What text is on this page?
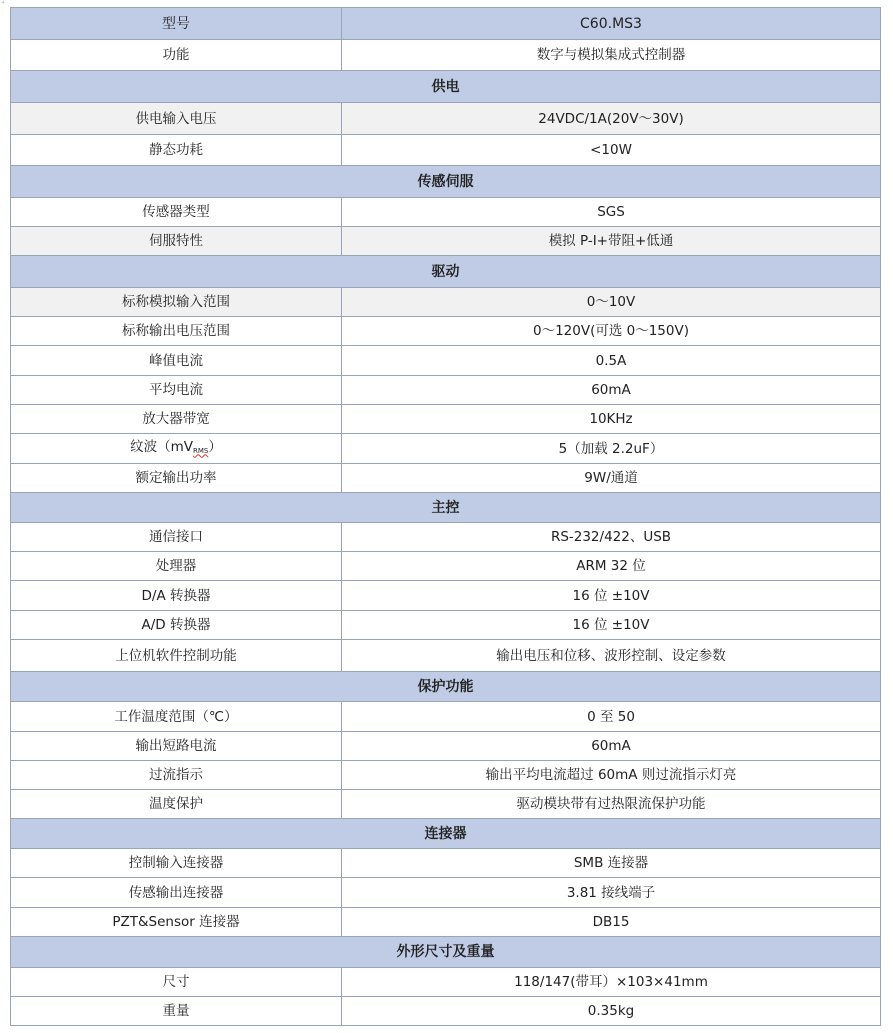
⁺
型号	C60.MS3
功能	数字与模拟集成式控制器
供电	
供电输入电压	24VDC/1A(20V～30V)
静态功耗	<10W
传感伺服	
传感器类型	SGS
伺服特性	模拟 P-I+带阻+低通
驱动	
标称模拟输入范围	0～10V
标称输出电压范围	0～120V(可选 0～150V)
峰值电流	0.5A
平均电流	60mA
放大器带宽	10KHz
纹波$(mV_{RMS})$	5（加载 2.2uF）
额定输出功率	9W/通道
主控	
通信接口	RS-232/422、USB
处理器	ARM 32 位
D/A 转换器	16 位 ±10V
A/D 转换器	16 位 ±10V
上位机软件控制功能	输出电压和位移、波形控制、设定参数
保护功能	
工作温度范围（℃）	0 至 50
输出短路电流	60mA
过流指示	输出平均电流超过 60mA 则过流指示灯亮
温度保护	驱动模块带有过热限流保护功能
连接器	
控制输入连接器	SMB 连接器
传感输出连接器	3.81 接线端子
PZT&Sensor 连接器	DB15
外形尺寸及重量	
尺寸	118/147(带耳）×103×41mm
重量	0.35kg
